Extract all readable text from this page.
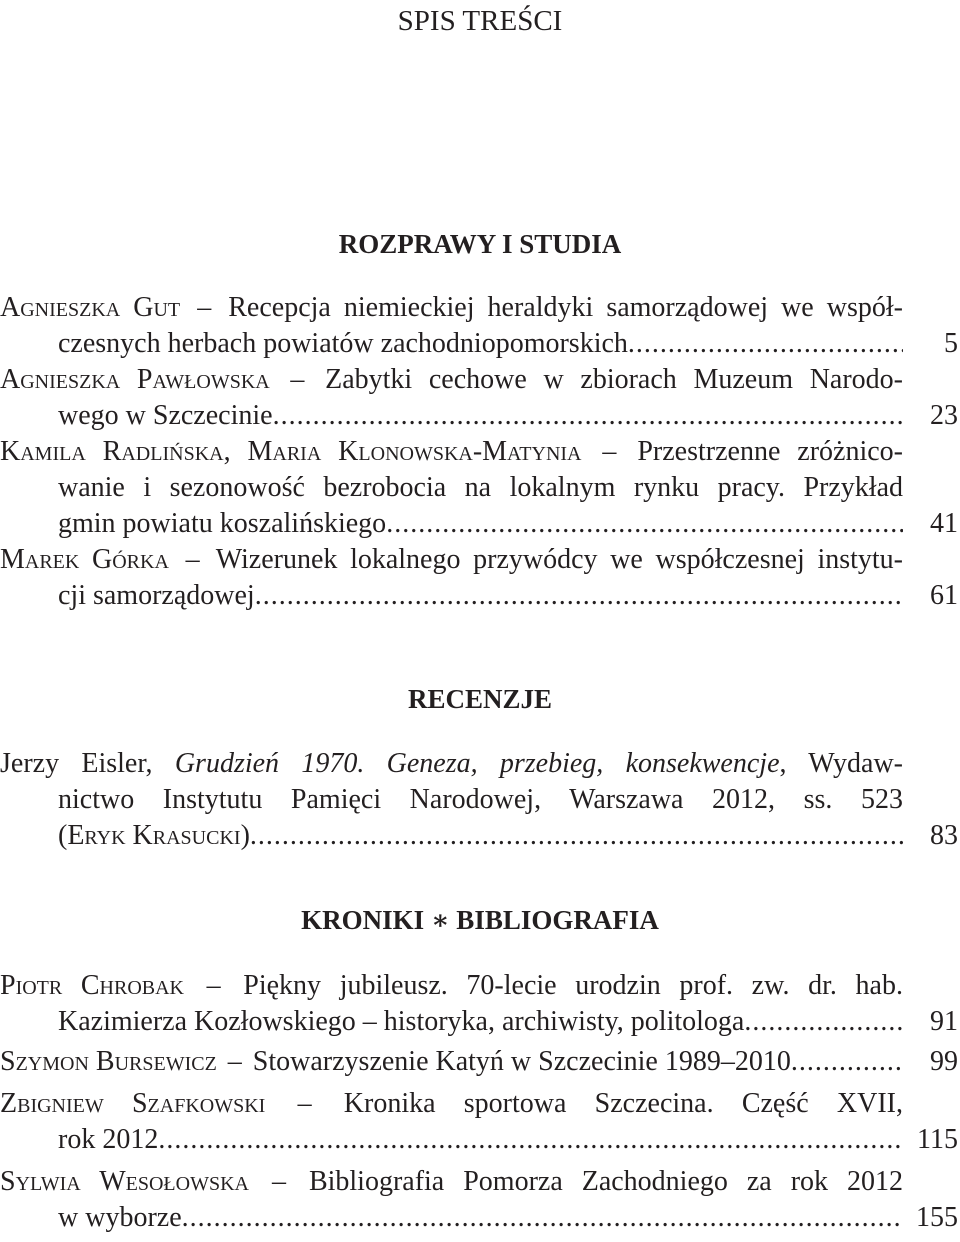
SPIS TREŚCI
ROZPRAWY I STUDIA
Agnieszka Gut – Recepcja niemieckiej heraldyki samorządowej we współ-
czesnych herbach powiatów zachodniopomorskich .....	5
Agnieszka Pawłowska – Zabytki cechowe w zbiorach Muzeum Narodo-
wego w Szczecinie .....	23
Kamila Radlińska, Maria Klonowska-Matynia – Przestrzenne zróżnico-
wanie i sezonowość bezrobocia na lokalnym rynku pracy. Przykład
gmin powiatu koszalińskiego .....	41
Marek Górka – Wizerunek lokalnego przywódcy we współczesnej instytu-
cji samorządowej .....	61
RECENZJE
Jerzy Eisler, Grudzień 1970. Geneza, przebieg, konsekwencje, Wydaw-
nictwo Instytutu Pamięci Narodowej, Warszawa 2012, ss. 523
(Eryk Krasucki) .....	83
KRONIKI ∗ BIBLIOGRAFIA
Piotr Chrobak – Piękny jubileusz. 70-lecie urodzin prof. zw. dr. hab.
Kazimierza Kozłowskiego – historyka, archiwisty, politologa .....	91
Szymon Bursewicz – Stowarzyszenie Katyń w Szczecinie 1989–2010 .....	99
Zbigniew Szafkowski – Kronika sportowa Szczecina. Część XVII,
rok 2012 .....	115
Sylwia Wesołowska – Bibliografia Pomorza Zachodniego za rok 2012
w wyborze .....	155
